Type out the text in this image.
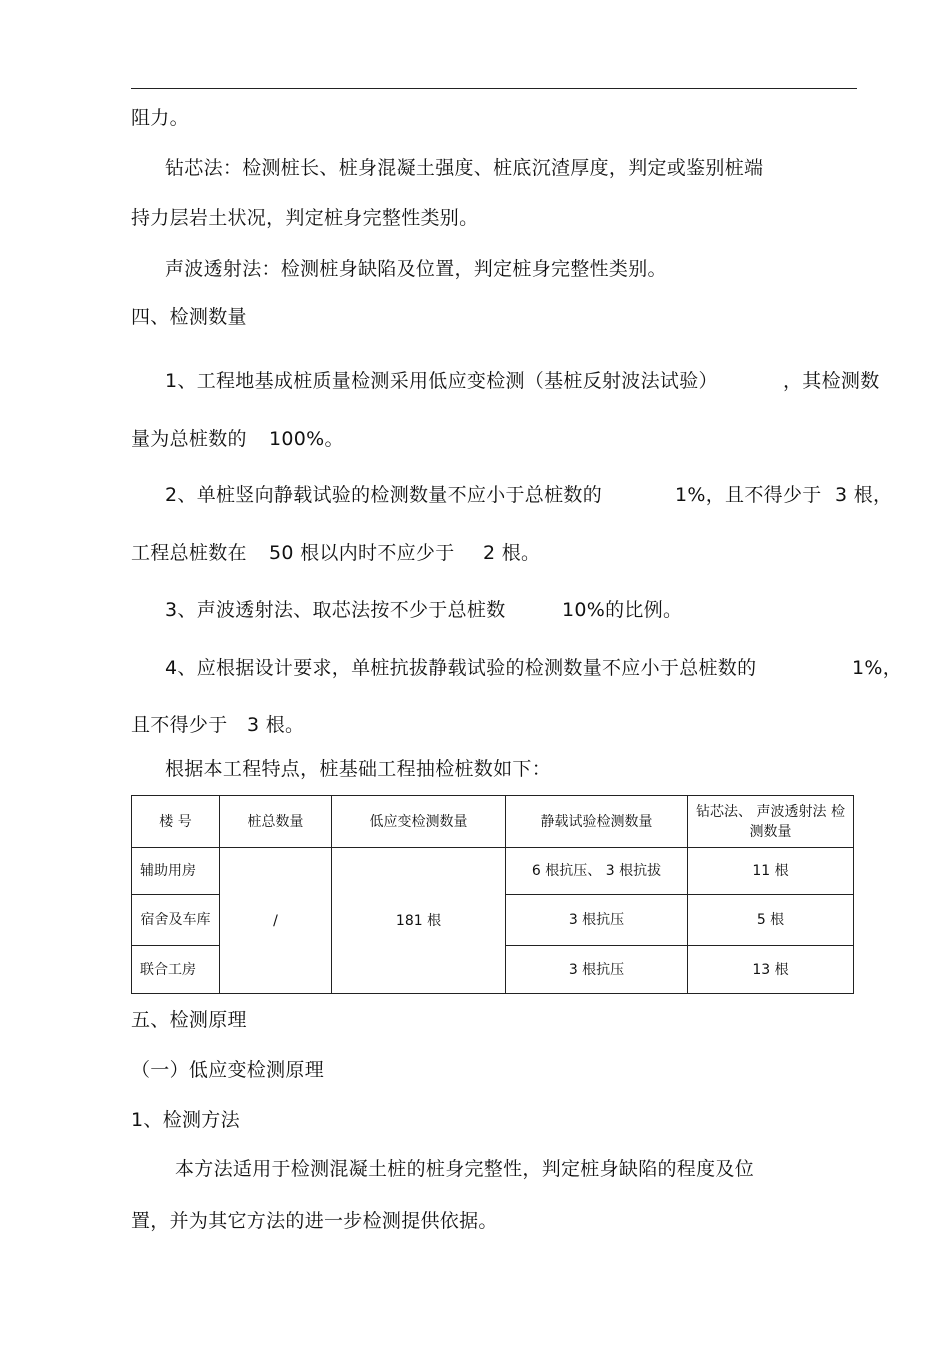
阻力。
钻芯法：检测桩长、桩身混凝土强度、桩底沉渣厚度，判定或鉴别桩端
持力层岩土状况，判定桩身完整性类别。
声波透射法：检测桩身缺陷及位置，判定桩身完整性类别。
四、检测数量
1、工程地基成桩质量检测采用低应变检测（基桩反射波法试验）	，其检测数
量为总桩数的 100%。
2、单桩竖向静载试验的检测数量不应小于总桩数的	1%，且不得少于 3 根，
工程总桩数在 50 根以内时不应少于 2 根。
3、声波透射法、取芯法按不少于总桩数	10%的比例。
4、应根据设计要求，单桩抗拔静载试验的检测数量不应小于总桩数的	1%，
且不得少于 3 根。
根据本工程特点，桩基础工程抽检桩数如下：
楼 号	桩总数量	低应变检测数量	静载试验检测数量	钻芯法、 声波透射法 检测数量
辅助用房	/	181 根	6 根抗压、 3 根抗拔	11 根
宿舍及车库			3 根抗压	5 根
联合工房			3 根抗压	13 根
五、检测原理
（一）低应变检测原理
1、检测方法
本方法适用于检测混凝土桩的桩身完整性，判定桩身缺陷的程度及位
置，并为其它方法的进一步检测提供依据。
